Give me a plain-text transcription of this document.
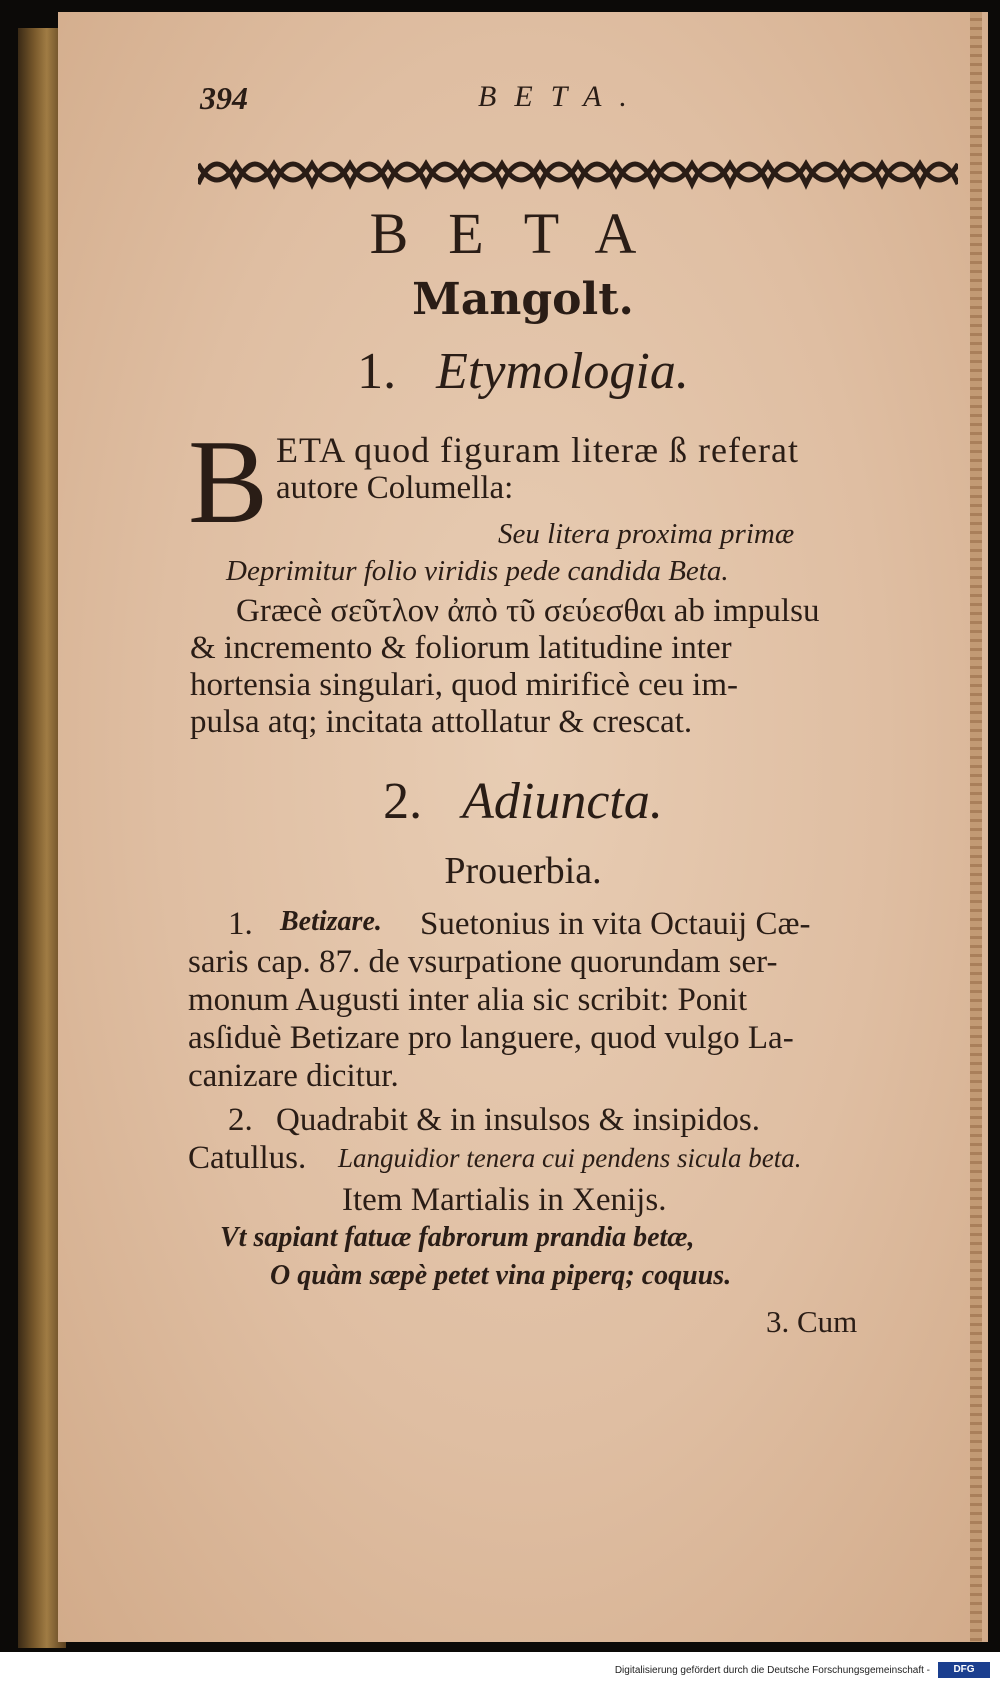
394	BETA.
BETA
Mangolt.
1. Etymologia.
B ETA quod figuram literæ ß referat
autore Columella:
Seu litera proxima primæ
Deprimitur folio viridis pede candida Beta.
Græcè σεῦτλον ἀπὸ τῦ σεύεσθαι ab impulsu
& incremento & foliorum latitudine inter
hortensia singulari, quod mirificè ceu im-
pulsa atq; incitata attollatur & crescat.
2. Adiuncta.
Prouerbia.
1. Betizare. Suetonius in vita Octauij Cæ-
saris cap. 87. de vsurpatione quorundam ser-
monum Augusti inter alia sic scribit: Ponit
asſiduè Betizare pro languere, quod vulgo La-
canizare dicitur.
2. Quadrabit & in insulsos & insipidos.
Catullus. Languidior tenera cui pendens sicula beta.
Item Martialis in Xenijs.
Vt sapiant fatuæ fabrorum prandia betæ,
O quàm sæpè petet vina piperq; coquus.
3. Cum
Digitalisierung gefördert durch die Deutsche Forschungsgemeinschaft -	DFG
